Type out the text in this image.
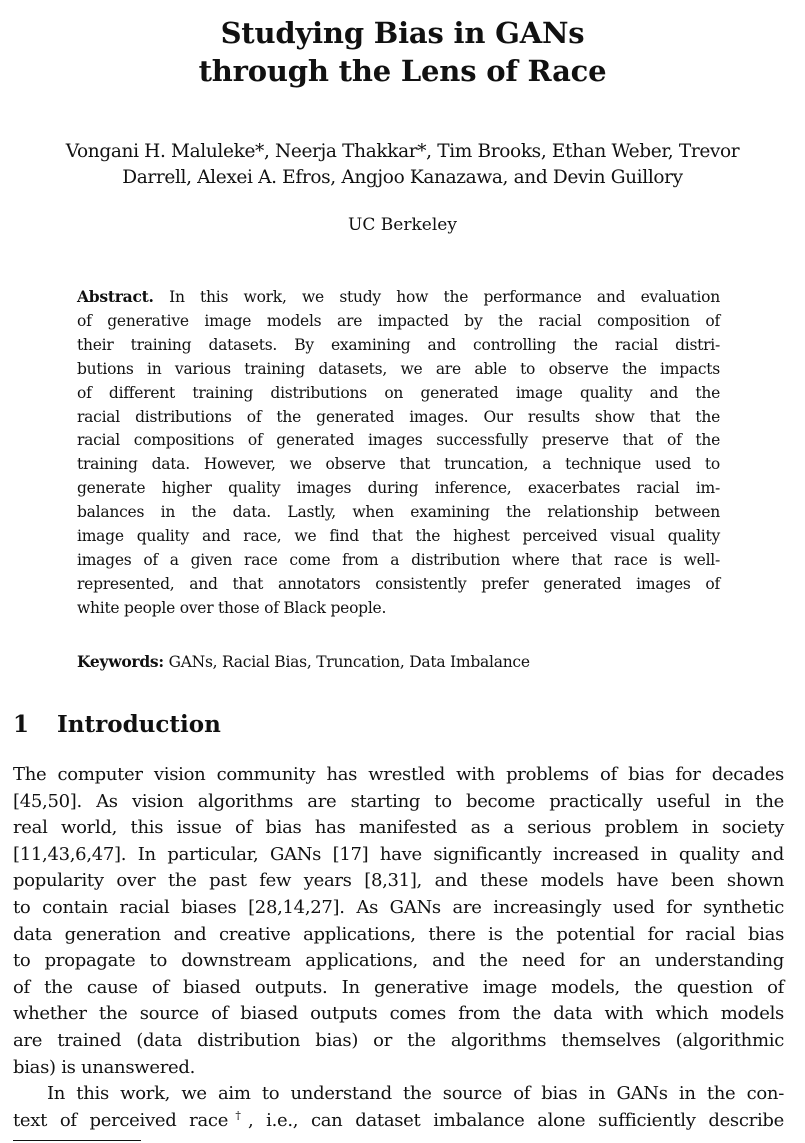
Studying Bias in GANs
through the Lens of Race
Vongani H. Maluleke*, Neerja Thakkar*, Tim Brooks, Ethan Weber, Trevor
Darrell, Alexei A. Efros, Angjoo Kanazawa, and Devin Guillory
UC Berkeley
Abstract. In this work, we study how the performance and evaluation
of generative image models are impacted by the racial composition of
their training datasets. By examining and controlling the racial distri-
butions in various training datasets, we are able to observe the impacts
of different training distributions on generated image quality and the
racial distributions of the generated images. Our results show that the
racial compositions of generated images successfully preserve that of the
training data. However, we observe that truncation, a technique used to
generate higher quality images during inference, exacerbates racial im-
balances in the data. Lastly, when examining the relationship between
image quality and race, we find that the highest perceived visual quality
images of a given race come from a distribution where that race is well-
represented, and that annotators consistently prefer generated images of
white people over those of Black people.
Keywords: GANs, Racial Bias, Truncation, Data Imbalance
1 Introduction
The computer vision community has wrestled with problems of bias for decades
[45,50]. As vision algorithms are starting to become practically useful in the
real world, this issue of bias has manifested as a serious problem in society
[11,43,6,47]. In particular, GANs [17] have significantly increased in quality and
popularity over the past few years [8,31], and these models have been shown
to contain racial biases [28,14,27]. As GANs are increasingly used for synthetic
data generation and creative applications, there is the potential for racial bias
to propagate to downstream applications, and the need for an understanding
of the cause of biased outputs. In generative image models, the question of
whether the source of biased outputs comes from the data with which models
are trained (data distribution bias) or the algorithms themselves (algorithmic
bias) is unanswered.
In this work, we aim to understand the source of bias in GANs in the con-
text of perceived race†, i.e., can dataset imbalance alone sufficiently describe
